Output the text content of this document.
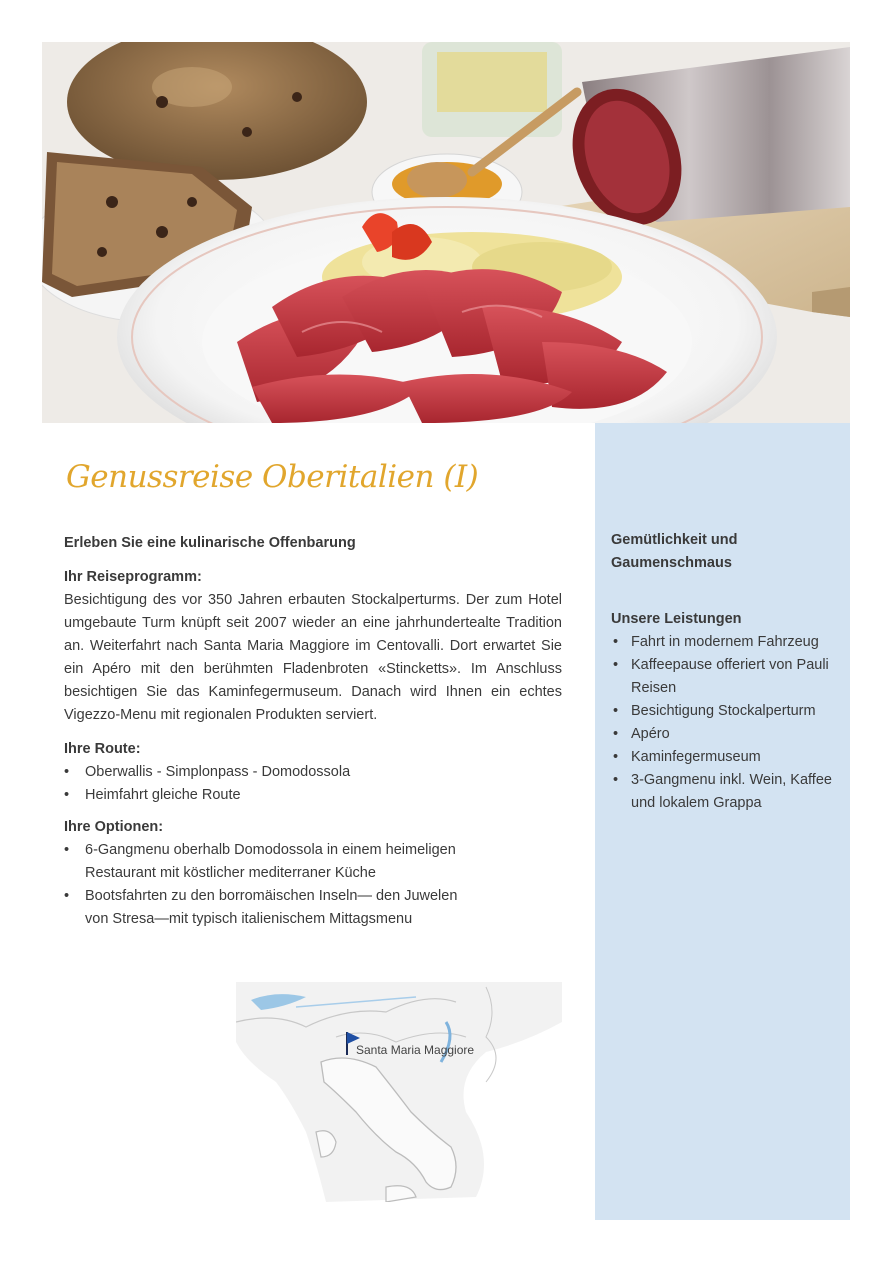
Genussreise Oberitalien (I)

Erleben Sie eine kulinarische Offenbarung

Ihr Reiseprogramm:

Besichtigung des vor 350 Jahren erbauten Stockalperturms. Der zum Hotel umgebaute Turm knüpft seit 2007 wieder an eine jahrhundertealte Tradition an. Weiterfahrt nach Santa Maria Maggiore im Centovalli. Dort erwartet Sie ein Apéro mit den berühmten Fladenbroten «Stincketts». Im Anschluss besichtigen Sie das Kaminfegermuseum. Danach wird Ihnen ein echtes Vigezzo-Menu mit regionalen Produkten serviert.

Ihre Route:

• Oberwallis - Simplonpass - Domodossola
• Heimfahrt gleiche Route

Ihre Optionen:

• 6-Gangmenu oberhalb Domodossola in einem heimeligen Restaurant mit köstlicher mediterraner Küche
• Bootsfahrten zu den borromäischen Inseln— den Juwelen von Stresa—mit typisch italienischem Mittagsmenu

Gemütlichkeit und Gaumenschmaus

Unsere Leistungen

• Fahrt in modernem Fahrzeug
• Kaffeepause offeriert von Pauli Reisen
• Besichtigung Stockalperturm
• Apéro
• Kaminfegermuseum
• 3-Gangmenu inkl. Wein, Kaffee und lokalem Grappa
Santa Maria Maggiore
